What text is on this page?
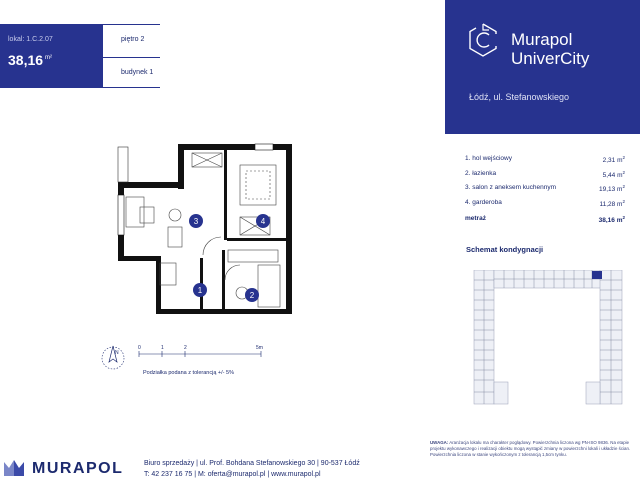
lokal: 1.C.2.07
38,16 $^{m^2}$
piętro 2
budynek 1
Murapol
UniverCity
Łódź, ul. Stefanowskiego
1. hol wejściowy	2,31 $m^2$
2. łazienka	5,44 $m^2$
3. salon z aneksem kuchennym	19,13 $m^2$
4. garderoba	11,28 $m^2$
metraż	38,16 $m^2$
Schemat kondygnacji
3	4
1
2
N
0	1	2	5m
Podziałka podana z tolerancją +/- 5%
MURAPOL	Biuro sprzedaży | ul. Prof. Bohdana Stefanowskiego 30 | 90-537 Łódź
T: 42 237 16 75 | M: oferta@murapol.pl | www.murapol.pl
UWAGA: Aranżacja lokalu ma charakter poglądowy. Powierzchnia liczona wg PN-ISO 9836. Na etapie projektu wykonawczego i realizacji obiektu mogą wystąpić zmiany w powierzchni lokali i układzie ścian. Powierzchnia liczona w stanie wykończonym z tolerancją 1,5cm tynku.
